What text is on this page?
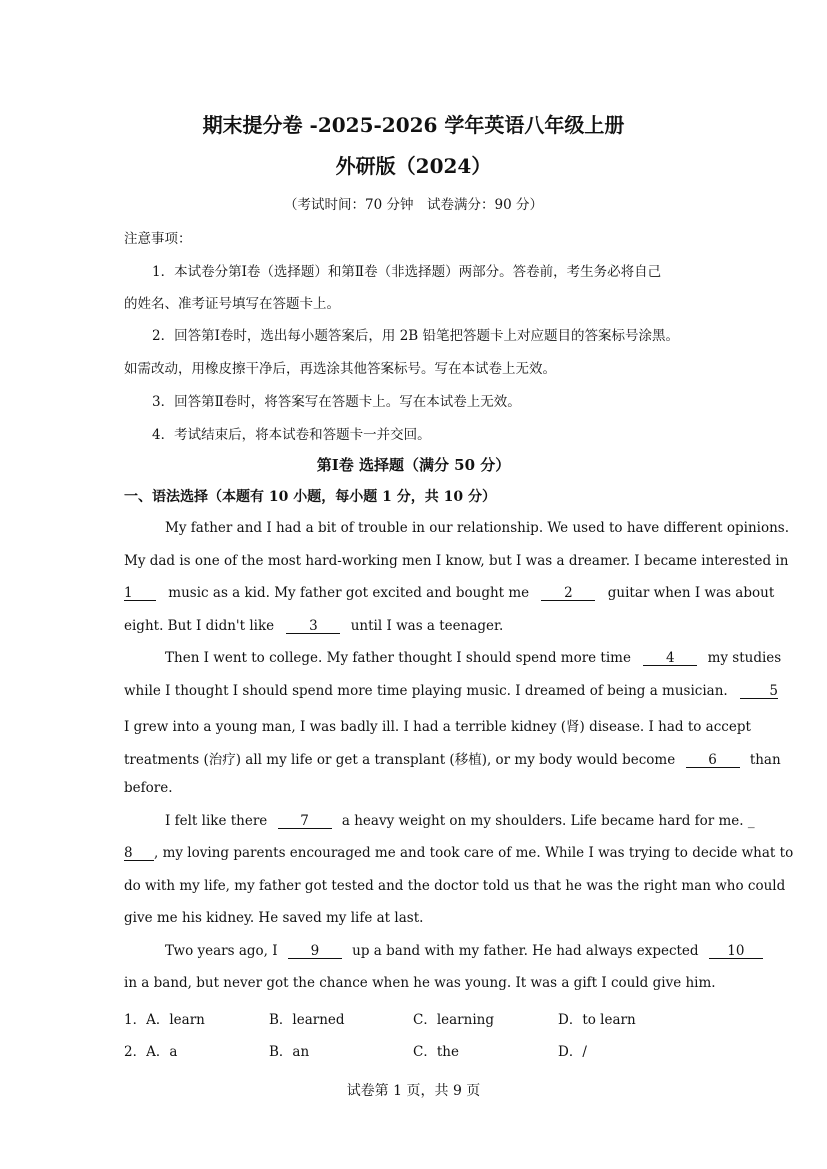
期末提分卷 -2025-2026 学年英语八年级上册
外研版（2024）
（考试时间：70 分钟　试卷满分：90 分）
注意事项：
1．本试卷分第Ⅰ卷（选择题）和第Ⅱ卷（非选择题）两部分。答卷前，考生务必将自己
的姓名、准考证号填写在答题卡上。
2．回答第Ⅰ卷时，选出每小题答案后，用 2B 铅笔把答题卡上对应题目的答案标号涂黑。
如需改动，用橡皮擦干净后，再选涂其他答案标号。写在本试卷上无效。
3．回答第Ⅱ卷时，将答案写在答题卡上。写在本试卷上无效。
4．考试结束后，将本试卷和答题卡一并交回。
第Ⅰ卷 选择题（满分 50 分）
一、语法选择（本题有 10 小题，每小题 1 分，共 10 分）
My father and I had a bit of trouble in our relationship. We used to have different opinions.
My dad is one of the most hard-working men I know, but I was a dreamer. I became interested in
1	music as a kid. My father got excited and bought me	2	guitar when I was about
eight. But I didn't like	3 until I was a teenager.
Then I went to college. My father thought I should spend more time	4 my studies
while I thought I should spend more time playing music. I dreamed of being a musician.	5
I grew into a young man, I was badly ill. I had a terrible kidney (肾) disease. I had to accept
treatments (治疗) all my life or get a transplant (移植), or my body would become 6 than
before.
I felt like there 7 a heavy weight on my shoulders. Life became hard for me. _
8 , my loving parents encouraged me and took care of me. While I was trying to decide what to
do with my life, my father got tested and the doctor told us that he was the right man who could
give me his kidney. He saved my life at last.
Two years ago, I 9 up a band with my father. He had always expected 10
in a band, but never got the chance when he was young. It was a gift I could give him.
1．A．learn	B．learned	C．learning	D．to learn
2．A．a	B．an	C．the	D．/
试卷第 1 页，共 9 页
